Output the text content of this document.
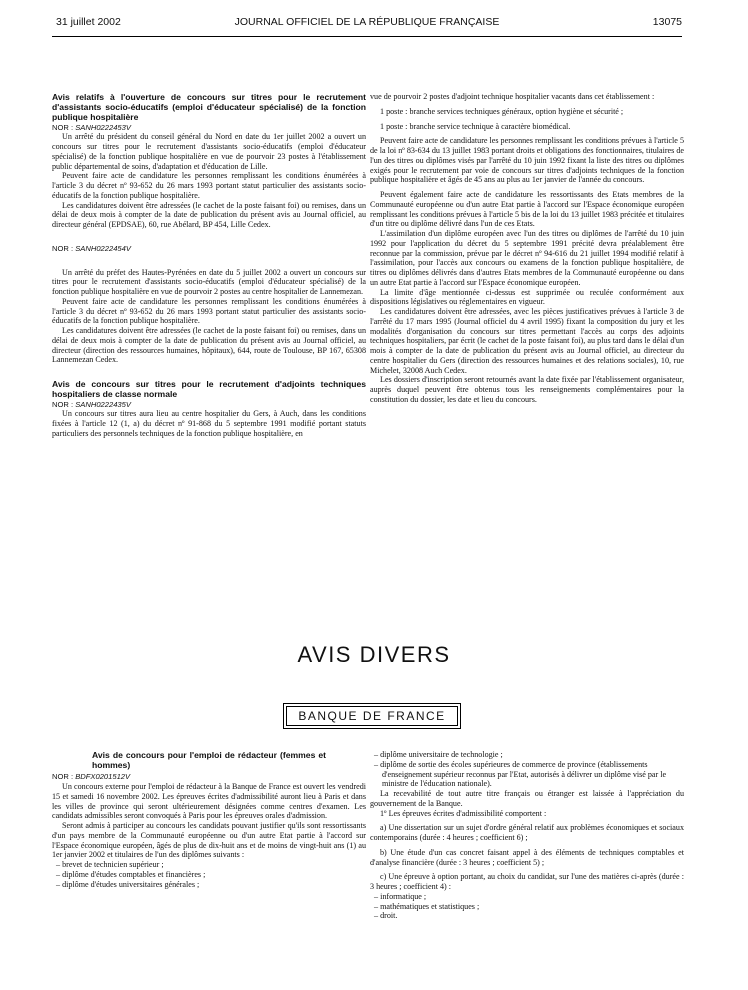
31 juillet 2002	JOURNAL OFFICIEL DE LA RÉPUBLIQUE FRANÇAISE	13075

Avis relatifs à l'ouverture de concours sur titres pour le recrutement d'assistants socio-éducatifs (emploi d'éducateur spécialisé) de la fonction publique hospitalière

NOR : SANH0222453V

Un arrêté du président du conseil général du Nord en date du 1er juillet 2002 a ouvert un concours sur titres pour le recrutement d'assistants socio-éducatifs (emploi d'éducateur spécialisé) de la fonction publique hospitalière en vue de pourvoir 23 postes à l'établissement public départemental de soins, d'adaptation et d'éducation de Lille.

Peuvent faire acte de candidature les personnes remplissant les conditions énumérées à l'article 3 du décret nº 93-652 du 26 mars 1993 portant statut particulier des assistants socio-éducatifs de la fonction publique hospitalière.

Les candidatures doivent être adressées (le cachet de la poste faisant foi) ou remises, dans un délai de deux mois à compter de la date de publication du présent avis au Journal officiel, au directeur général (EPDSAE), 60, rue Abélard, BP 454, Lille Cedex.

NOR : SANH0222454V

Un arrêté du préfet des Hautes-Pyrénées en date du 5 juillet 2002 a ouvert un concours sur titres pour le recrutement d'assistants socio-éducatifs (emploi d'éducateur spécialisé) de la fonction publique hospitalière en vue de pourvoir 2 postes au centre hospitalier de Lannemezan.

Peuvent faire acte de candidature les personnes remplissant les conditions énumérées à l'article 3 du décret nº 93-652 du 26 mars 1993 portant statut particulier des assistants socio-éducatifs de la fonction publique hospitalière.

Les candidatures doivent être adressées (le cachet de la poste faisant foi) ou remises, dans un délai de deux mois à compter de la date de publication du présent avis au Journal officiel, au directeur (direction des ressources humaines, hôpitaux), 644, route de Toulouse, BP 167, 65308 Lannemezan Cedex.

Avis de concours sur titres pour le recrutement d'adjoints techniques hospitaliers de classe normale

NOR : SANH0222435V

Un concours sur titres aura lieu au centre hospitalier du Gers, à Auch, dans les conditions fixées à l'article 12 (1, a) du décret nº 91-868 du 5 septembre 1991 modifié portant statuts particuliers des personnels techniques de la fonction publique hospitalière, en

vue de pourvoir 2 postes d'adjoint technique hospitalier vacants dans cet établissement :

1 poste : branche services techniques généraux, option hygiène et sécurité ;

1 poste : branche service technique à caractère biomédical.

Peuvent faire acte de candidature les personnes remplissant les conditions prévues à l'article 5 de la loi nº 83-634 du 13 juillet 1983 portant droits et obligations des fonctionnaires, titulaires de l'un des titres ou diplômes visés par l'arrêté du 10 juin 1992 fixant la liste des titres ou diplômes exigés pour le recrutement par voie de concours sur titres d'adjoints techniques de la fonction publique hospitalière et âgés de 45 ans au plus au 1er janvier de l'année du concours.

Peuvent également faire acte de candidature les ressortissants des Etats membres de la Communauté européenne ou d'un autre Etat partie à l'accord sur l'Espace économique européen remplissant les conditions prévues à l'article 5 bis de la loi du 13 juillet 1983 précitée et titulaires d'un titre ou diplôme délivré dans l'un de ces Etats.

L'assimilation d'un diplôme européen avec l'un des titres ou diplômes de l'arrêté du 10 juin 1992 pour l'application du décret du 5 septembre 1991 précité devra préalablement être reconnue par la commission, prévue par le décret nº 94-616 du 21 juillet 1994 modifié relatif à l'assimilation, pour l'accès aux concours ou examens de la fonction publique hospitalière, de titres ou diplômes délivrés dans d'autres Etats membres de la Communauté européenne ou dans un autre Etat partie à l'accord sur l'Espace économique européen.

La limite d'âge mentionnée ci-dessus est supprimée ou reculée conformément aux dispositions législatives ou réglementaires en vigueur.

Les candidatures doivent être adressées, avec les pièces justificatives prévues à l'article 3 de l'arrêté du 17 mars 1995 (Journal officiel du 4 avril 1995) fixant la composition du jury et les modalités d'organisation du concours sur titres permettant l'accès au corps des adjoints techniques hospitaliers, par écrit (le cachet de la poste faisant foi), au plus tard dans le délai d'un mois à compter de la date de publication du présent avis au Journal officiel, au directeur du centre hospitalier du Gers (direction des ressources humaines et des relations sociales), 10, rue Michelet, 32008 Auch Cedex.

Les dossiers d'inscription seront retournés avant la date fixée par l'établissement organisateur, auprès duquel peuvent être obtenus tous les renseignements complémentaires pour la constitution du dossier, les date et lieu du concours.

AVIS DIVERS
BANQUE DE FRANCE

Avis de concours pour l'emploi de rédacteur (femmes et hommes)

NOR : BDFX0201512V

Un concours externe pour l'emploi de rédacteur à la Banque de France est ouvert les vendredi 15 et samedi 16 novembre 2002. Les épreuves écrites d'admissibilité auront lieu à Paris et dans les villes de province qui seront ultérieurement désignées comme centres d'examen. Les candidats admissibles seront convoqués à Paris pour les épreuves orales d'admission.

Seront admis à participer au concours les candidats pouvant justifier qu'ils sont ressortissants d'un pays membre de la Communauté européenne ou d'un autre Etat partie à l'accord sur l'Espace économique européen, âgés de plus de dix-huit ans et de moins de vingt-huit ans (1) au 1er janvier 2002 et titulaires de l'un des diplômes suivants :

– brevet de technicien supérieur ;
– diplôme d'études comptables et financières ;
– diplôme d'études universitaires générales ;
– diplôme universitaire de technologie ;
– diplôme de sortie des écoles supérieures de commerce de province (établissements d'enseignement supérieur reconnus par l'Etat, autorisés à délivrer un diplôme visé par le ministre de l'éducation nationale).

La recevabilité de tout autre titre français ou étranger est laissée à l'appréciation du gouvernement de la Banque.

1º Les épreuves écrites d'admissibilité comportent :

a) Une dissertation sur un sujet d'ordre général relatif aux problèmes économiques et sociaux contemporains (durée : 4 heures ; coefficient 6) ;

b) Une étude d'un cas concret faisant appel à des éléments de techniques comptables et d'analyse financière (durée : 3 heures ; coefficient 5) ;

c) Une épreuve à option portant, au choix du candidat, sur l'une des matières ci-après (durée : 3 heures ; coefficient 4) :

– informatique ;
– mathématiques et statistiques ;
– droit.
